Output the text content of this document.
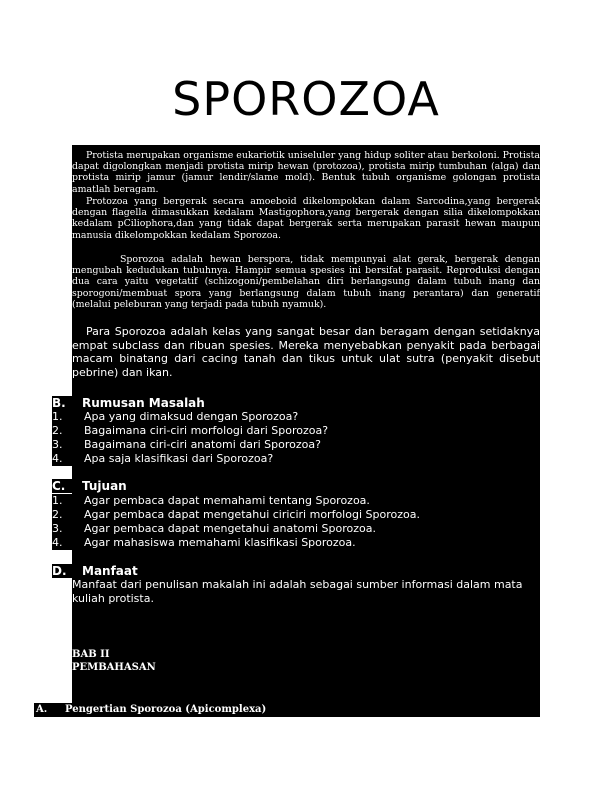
SPOROZOA

Protista merupakan organisme eukariotik uniseluler yang hidup soliter atau berkoloni. Protista dapat digolongkan menjadi protista mirip hewan (protozoa), protista mirip tumbuhan (alga) dan protista mirip jamur (jamur lendir/slame mold). Bentuk tubuh organisme golongan protista amatlah beragam.

Protozoa yang bergerak secara amoeboid dikelompokkan dalam Sarcodina,yang bergerak dengan flagella dimasukkan kedalam Mastigophora,yang bergerak dengan silia dikelompokkan kedalam pCiliophora,dan yang tidak dapat bergerak serta merupakan parasit hewan maupun manusia dikelompokkan kedalam Sporozoa.

Sporozoa adalah hewan berspora, tidak mempunyai alat gerak, bergerak dengan mengubah kedudukan tubuhnya. Hampir semua spesies ini bersifat parasit. Reproduksi dengan dua cara yaitu vegetatif (schizogoni/pembelahan diri berlangsung dalam tubuh inang dan sporogoni/membuat spora yang berlangsung dalam tubuh inang perantara) dan generatif (melalui peleburan yang terjadi pada tubuh nyamuk).

Para Sporozoa adalah kelas yang sangat besar dan beragam dengan setidaknya empat subclass dan ribuan spesies. Mereka menyebabkan penyakit pada berbagai macam binatang dari cacing tanah dan tikus untuk ulat sutra (penyakit disebut pebrine) dan ikan.

B.	Rumusan Masalah
1.	Apa yang dimaksud dengan Sporozoa?
2.	Bagaimana ciri-ciri morfologi dari Sporozoa?
3.	Bagaimana ciri-ciri anatomi dari Sporozoa?
4.	Apa saja klasifikasi dari Sporozoa?
C.	Tujuan
1.	Agar pembaca dapat memahami tentang Sporozoa.
2.	Agar pembaca dapat mengetahui ciriciri morfologi Sporozoa.
3.	Agar pembaca dapat mengetahui anatomi Sporozoa.
4.	Agar mahasiswa memahami klasifikasi Sporozoa.
D.	Manfaat

Manfaat dari penulisan makalah ini adalah sebagai sumber informasi dalam mata kuliah protista.

BAB II
PEMBAHASAN
A. Pengertian Sporozoa (Apicomplexa)
